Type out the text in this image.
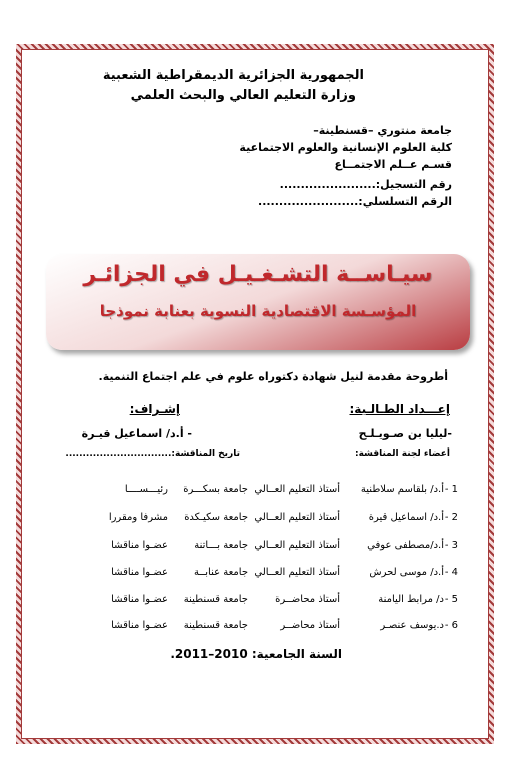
الجمهورية الجزائرية الديمقراطية الشعبية
وزارة التعليم العالي والبحث العلمي
جامعة منتوري –قسنطينة–
كلية العلوم الإنسانية والعلوم الاجتماعية
قسـم عــلم الاجتمــاع
رقم التسجيل:.......................
الرقم التسلسلي:........................
سيـاســة التشـغـيـل في الجزائـر
المؤسـسة الاقتصادية النسوية بعنابة نموذجا
أطروحة مقدمة لنيل شهادة دكتوراه علوم في علم اجتماع التنمية.
إعـــداد الطـالـبة:
إشـراف:
-ليليا بن صـويـلـح
- أ.د/ اسماعيل قيـرة
أعضاء لجنة المناقشة:
تاريخ المناقشة:...............................
1 -
أ.د/ بلقاسم سلاطنية
أستاذ التعليم العــالي
جامعة بسكـــرة
رئيـــســــا
2 -
أ.د/ اسماعيل قيرة
أستاذ التعليم العــالي
جامعة سكيـكدة
مشرفا ومقررا
3 -
أ.د/مصطفى عوفي
أستاذ التعليم العــالي
جامعة بـــاتنة
عضـوا مناقشا
4 -
أ.د/ موسى لحرش
أستاذ التعليم العــالي
جامعة عنابــة
عضـوا مناقشا
5 -
د/ مرابط اليامنة
أستاذ محاضــرة
جامعة قسنطينة
عضـوا مناقشا
6 -
د.يوسف عنصـر
أستاذ محاضــر
جامعة قسنطينة
عضـوا مناقشا
السنة الجامعية: 2010–2011.
